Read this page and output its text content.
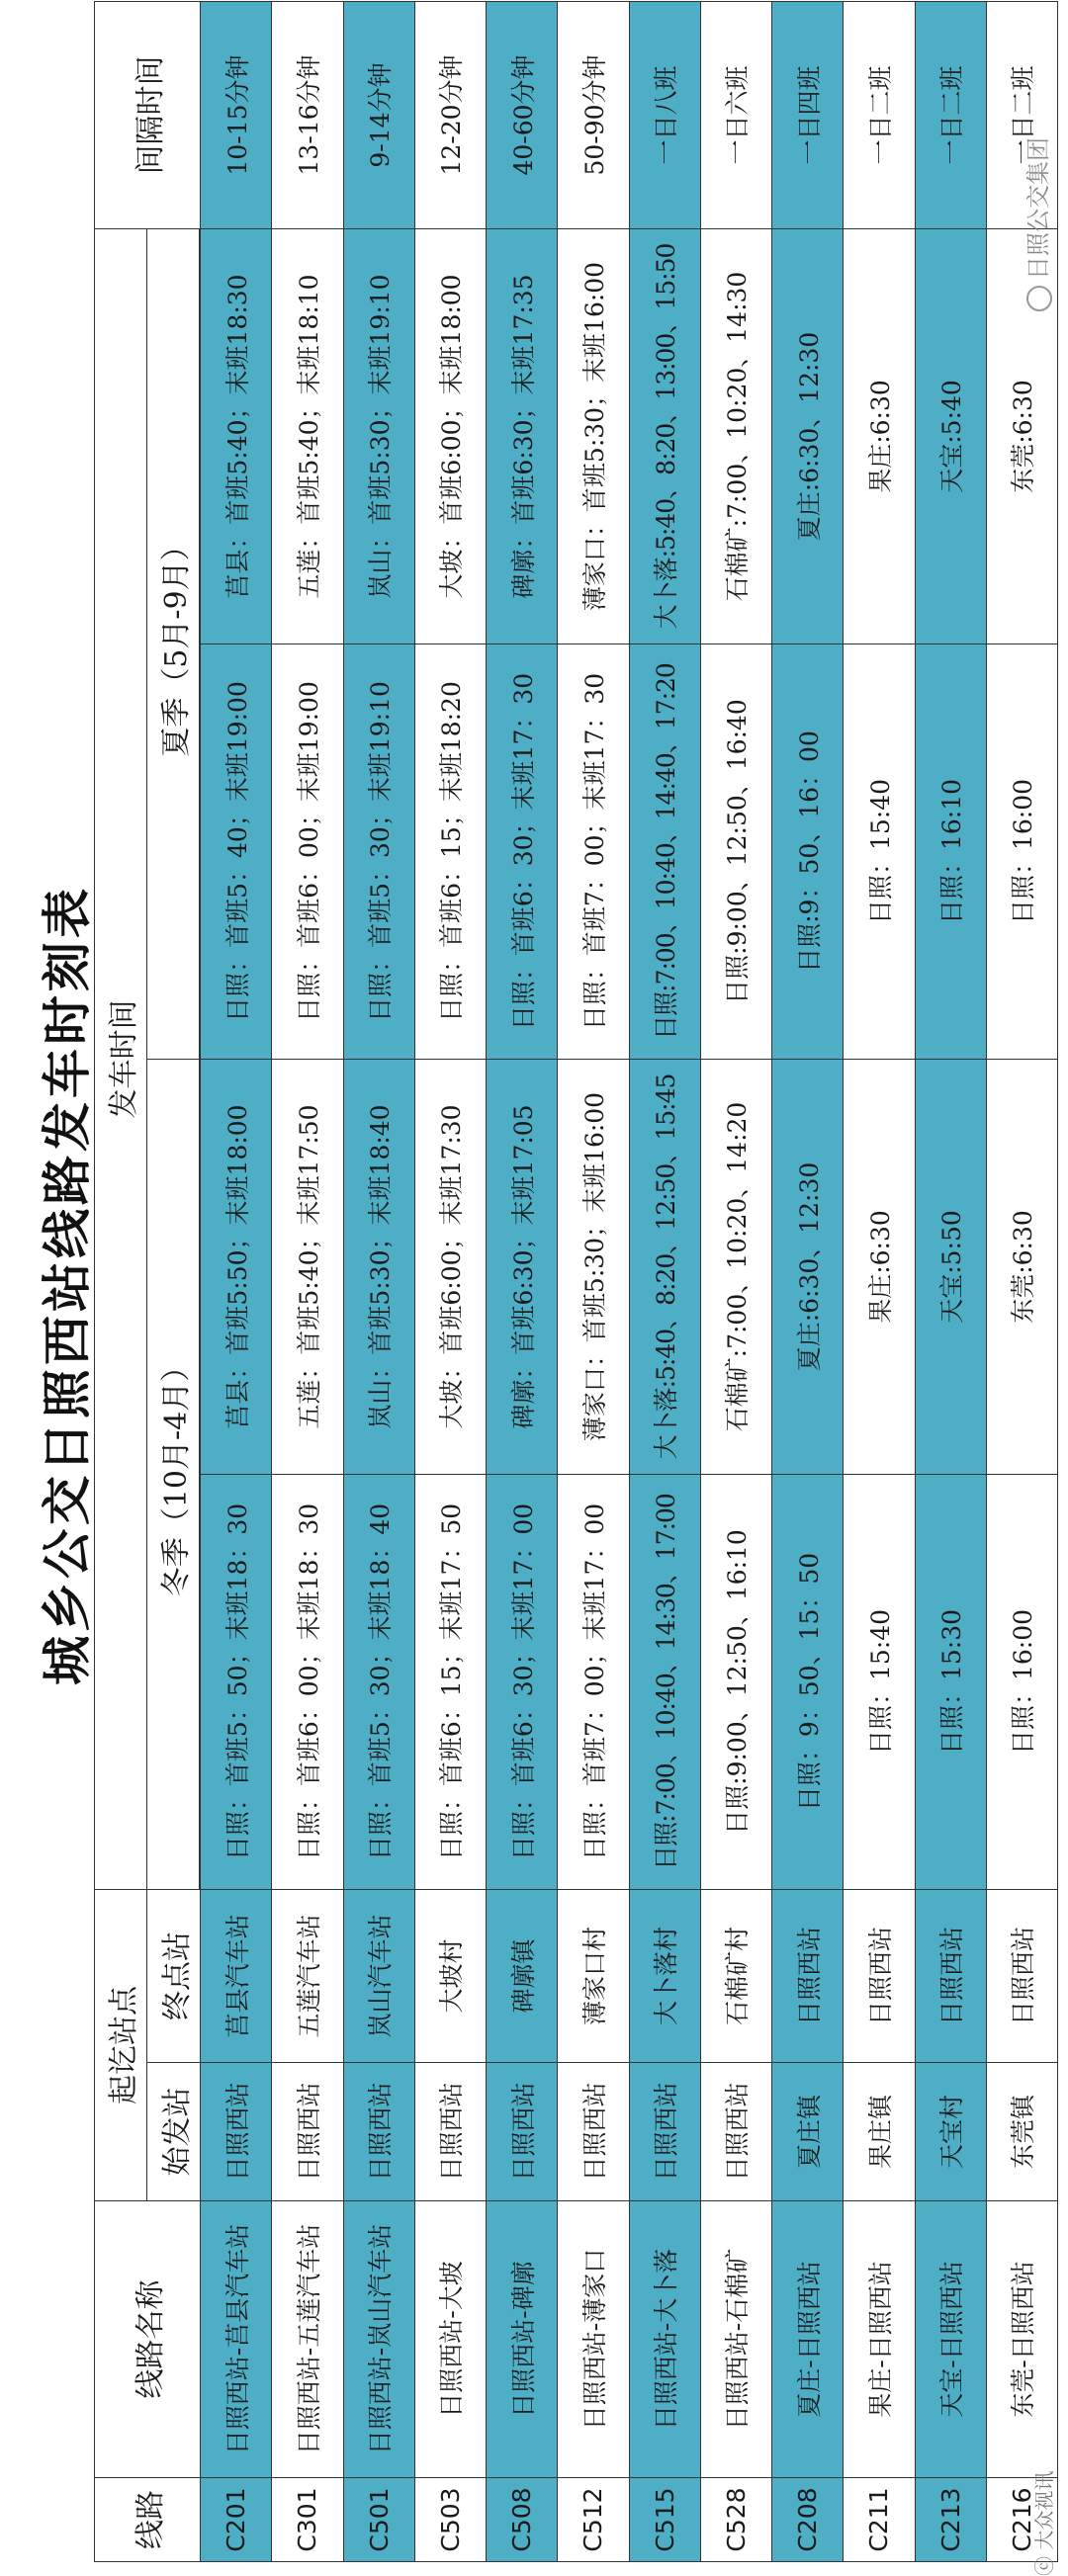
城乡公交日照西站线路发车时刻表
线路	线路名称	起讫站点		发车时间				间隔时间
		始发站	终点站	冬季（10月-4月）		夏季（5月-9月）		

C201	日照西站-莒县汽车站	日照西站	莒县汽车站	日照：首班5：50；末班18：30	莒县：首班5:50；末班18:00	日照：首班5：40；末班19:00	莒县：首班5:40；末班18:30	10-15分钟
C301	日照西站-五莲汽车站	日照西站	五莲汽车站	日照：首班6：00；末班18：30	五莲：首班5:40；末班17:50	日照：首班6：00；末班19:00	五莲：首班5:40；末班18:10	13-16分钟
C501	日照西站-岚山汽车站	日照西站	岚山汽车站	日照：首班5：30；末班18：40	岚山：首班5:30；末班18:40	日照：首班5：30；末班19:10	岚山：首班5:30；末班19:10	9-14分钟
C503	日照西站-大坡	日照西站	大坡村	日照：首班6：15；末班17：50	大坡：首班6:00；末班17:30	日照：首班6：15；末班18:20	大坡：首班6:00；末班18:00	12-20分钟
C508	日照西站-碑廓	日照西站	碑廓镇	日照：首班6：30；末班17：00	碑廓：首班6:30；末班17:05	日照：首班6：30；末班17：30	碑廓：首班6:30；末班17:35	40-60分钟
C512	日照西站-薄家口	日照西站	薄家口村	日照：首班7：00；末班17：00	薄家口：首班5:30；末班16:00	日照：首班7：00；末班17：30	薄家口：首班5:30；末班16:00	50-90分钟
C515	日照西站-大卜落	日照西站	大卜落村	日照:7:00、10:40、14:30、17:00	大卜落:5:40、8:20、12:50、15:45	日照:7:00、10:40、14:40、17:20	大卜落:5:40、8:20、13:00、15:50	一日八班
C528	日照西站-石棉矿	日照西站	石棉矿村	日照:9:00、12:50、16:10	石棉矿:7:00、10:20、14:20	日照:9:00、12:50、16:40	石棉矿:7:00、10:20、14:30	一日六班
C208	夏庄-日照西站	夏庄镇	日照西站	日照：9：50、15：50	夏庄:6:30、12:30	日照:9：50、16：00	夏庄:6:30、12:30	一日四班
C211	果庄-日照西站	果庄镇	日照西站	日照：15:40	果庄:6:30	日照：15:40	果庄:6:30	一日二班
C213	天宝-日照西站	天宝村	日照西站	日照：15:30	天宝:5:50	日照：16:10	天宝:5:40	一日二班
C216	东莞-日照西站	东莞镇	日照西站	日照：16:00	东莞:6:30	日照：16:00	东莞:6:30	一日二班
ⓒ 大众视讯
日照公交集团
